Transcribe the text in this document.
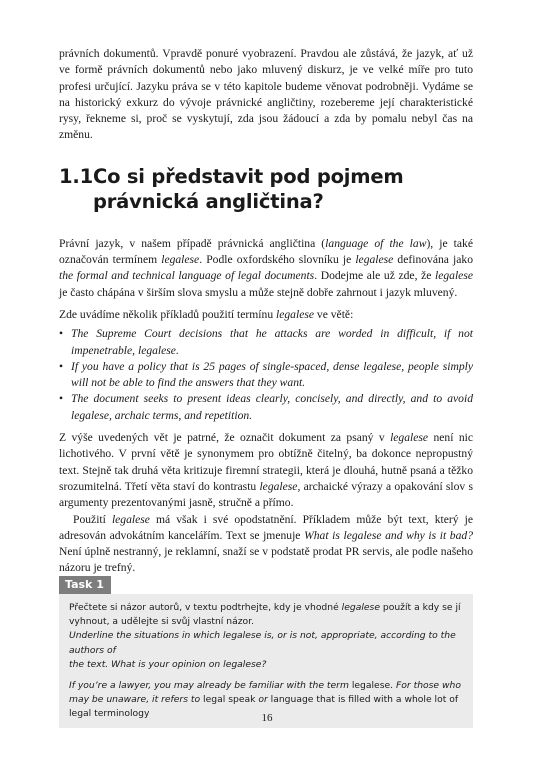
právních dokumentů. Vpravdě ponuré vyobrazení. Pravdou ale zůstává, že jazyk, ať už ve formě právních dokumentů nebo jako mluvený diskurz, je ve velké míře pro tuto profesi určující. Jazyku práva se v této kapitole budeme věnovat podrobněji. Vydáme se na historický exkurz do vývoje právnické angličtiny, rozebereme její charakteristické rysy, řekneme si, proč se vyskytují, zda jsou žádoucí a zda by pomalu nebyl čas na změnu.

1.1 Co si představit pod pojmem
právnická angličtina?

Právní jazyk, v našem případě právnická angličtina (language of the law), je také označován termínem legalese. Podle oxfordského slovníku je legalese definována jako the formal and technical language of legal documents. Dodejme ale už zde, že legalese je často chápána v širším slova smyslu a může stejně dobře zahrnout i jazyk mluvený.

Zde uvádíme několik příkladů použití termínu legalese ve větě:

• The Supreme Court decisions that he attacks are worded in difficult, if not impenetrable, legalese.
• If you have a policy that is 25 pages of single-spaced, dense legalese, people simply will not be able to find the answers that they want.
• The document seeks to present ideas clearly, concisely, and directly, and to avoid legalese, archaic terms, and repetition.

Z výše uvedených vět je patrné, že označit dokument za psaný v legalese není nic lichotivého. V první větě je synonymem pro obtížně čitelný, ba dokonce nepropustný text. Stejně tak druhá věta kritizuje firemní strategii, která je dlouhá, hutně psaná a těžko srozumitelná. Třetí věta staví do kontrastu legalese, archaické výrazy a opakování slov s argumenty prezentovanými jasně, stručně a přímo.

Použití legalese má však i své opodstatnění. Příkladem může být text, který je adresován advokátním kancelářím. Text se jmenuje What is legalese and why is it bad? Není úplně nestranný, je reklamní, snaží se v podstatě prodat PR servis, ale podle našeho názoru je trefný.

Task 1

Přečtete si názor autorů, v textu podtrhejte, kdy je vhodné legalese použít a kdy se jí vyhnout, a udělejte si svůj vlastní názor.

Underline the situations in which legalese is, or is not, appropriate, according to the authors of
the text. What is your opinion on legalese?

If you’re a lawyer, you may already be familiar with the term legalese. For those who may be unaware, it refers to legal speak or language that is filled with a whole lot of legal terminology	16
